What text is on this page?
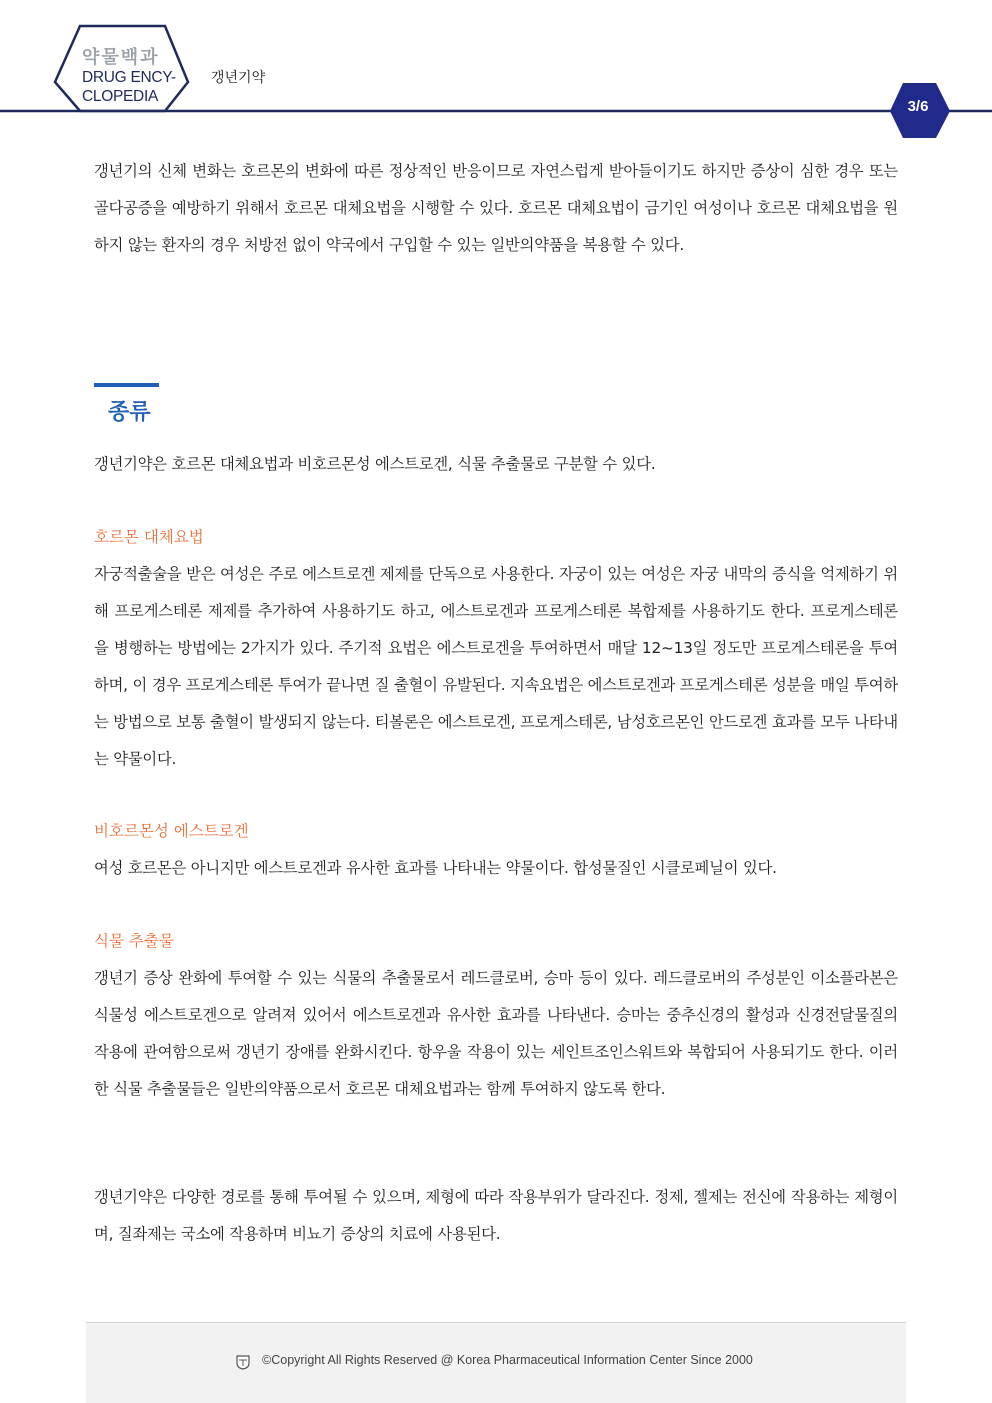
약물백과
DRUG ENCY-
CLOPEDIA
갱년기약
3/6

갱년기의 신체 변화는 호르몬의 변화에 따른 정상적인 반응이므로 자연스럽게 받아들이기도 하지만 증상이 심한 경우 또는 골다공증을 예방하기 위해서 호르몬 대체요법을 시행할 수 있다. 호르몬 대체요법이 금기인 여성이나 호르몬 대체요법을 원하지 않는 환자의 경우 처방전 없이 약국에서 구입할 수 있는 일반의약품을 복용할 수 있다.

종류

갱년기약은 호르몬 대체요법과 비호르몬성 에스트로겐, 식물 추출물로 구분할 수 있다.

호르몬 대체요법

자궁적출술을 받은 여성은 주로 에스트로겐 제제를 단독으로 사용한다. 자궁이 있는 여성은 자궁 내막의 증식을 억제하기 위해 프로게스테론 제제를 추가하여 사용하기도 하고, 에스트로겐과 프로게스테론 복합제를 사용하기도 한다. 프로게스테론을 병행하는 방법에는 2가지가 있다. 주기적 요법은 에스트로겐을 투여하면서 매달 12~13일 정도만 프로게스테론을 투여하며, 이 경우 프로게스테론 투여가 끝나면 질 출혈이 유발된다. 지속요법은 에스트로겐과 프로게스테론 성분을 매일 투여하는 방법으로 보통 출혈이 발생되지 않는다. 티볼론은 에스트로겐, 프로게스테론, 남성호르몬인 안드로겐 효과를 모두 나타내는 약물이다.

비호르몬성 에스트로겐

여성 호르몬은 아니지만 에스트로겐과 유사한 효과를 나타내는 약물이다. 합성물질인 시클로페닐이 있다.

식물 추출물

갱년기 증상 완화에 투여할 수 있는 식물의 추출물로서 레드클로버, 승마 등이 있다. 레드클로버의 주성분인 이소플라본은 식물성 에스트로겐으로 알려져 있어서 에스트로겐과 유사한 효과를 나타낸다. 승마는 중추신경의 활성과 신경전달물질의 작용에 관여함으로써 갱년기 장애를 완화시킨다. 항우울 작용이 있는 세인트조인스워트와 복합되어 사용되기도 한다. 이러한 식물 추출물들은 일반의약품으로서 호르몬 대체요법과는 함께 투여하지 않도록 한다.

갱년기약은 다양한 경로를 통해 투여될 수 있으며, 제형에 따라 작용부위가 달라진다. 정제, 젤제는 전신에 작용하는 제형이며, 질좌제는 국소에 작용하며 비뇨기 증상의 치료에 사용된다.

©Copyright All Rights Reserved @ Korea Pharmaceutical Information Center Since 2000
